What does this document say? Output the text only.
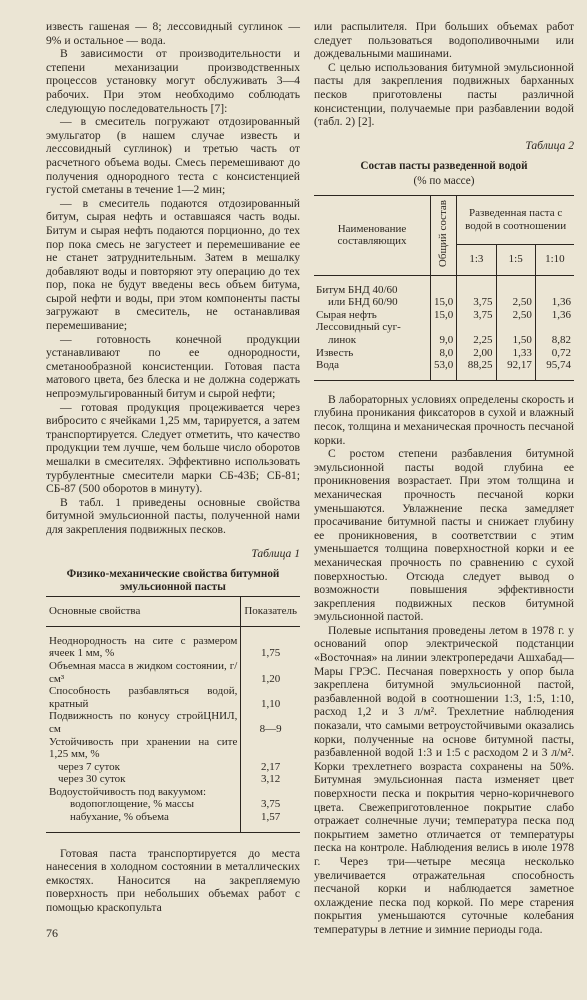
известь гашеная — 8; лессовидный суглинок — 9% и остальное — вода.

В зависимости от производительности и степени механизации производственных процессов установку могут обслуживать 3—4 рабочих. При этом необходимо соблюдать следующую последовательность [7]:

— в смеситель погружают отдозированный эмульгатор (в нашем случае известь и лессовидный суглинок) и третью часть от расчетного объема воды. Смесь перемешивают до получения однородного теста с консистенцией густой сметаны в течение 1—2 мин;

— в смеситель подаются отдозированный битум, сырая нефть и оставшаяся часть воды. Битум и сырая нефть подаются порционно, до тех пор пока смесь не загустеет и перемешивание ее не станет затруднительным. Затем в мешалку добавляют воды и повторяют эту операцию до тех пор, пока не будут введены весь объем битума, сырой нефти и воды, при этом компоненты пасты загружают в смеситель, не останавливая перемешивание;

— готовность конечной продукции устанавливают по ее однородности, сметанообразной консистенции. Готовая паста матового цвета, без блеска и не должна содержать непроэмульгированный битум и сырой нефти;

— готовая продукция процеживается через вибросито с ячейками 1,25 мм, тарируется, а затем транспортируется. Следует отметить, что качество продукции тем лучше, чем больше число оборотов мешалки в смесителях. Эффективно использовать турбулентные смесители марки СБ-43Б; СБ-81; СБ-87 (500 оборотов в минуту).

В табл. 1 приведены основные свойства битумной эмульсионной пасты, полученной нами для закрепления подвижных песков.

Таблица 1
Физико-механические свойства битумной эмульсионной пасты
Основные свойства	Показатель
Неоднородность на сите с размером ячеек 1 мм, %	1,75
Объемная масса в жидком состоянии, г/см³	1,20
Способность разбавляться водой, кратный	1,10
Подвижность по конусу стройЦНИЛ, см	8—9
Устойчивость при хранении на сите 1,25 мм, %	
через 7 суток	2,17
через 30 суток	3,12
Водоустойчивость под вакуумом:	
водопоглощение, % массы	3,75
набухание, % объема	1,57

Готовая паста транспортируется до места нанесения в холодном состоянии в металлических емкостях. Наносится на закрепляемую поверхность при небольших объемах работ с помощью краскопульта

или распылителя. При больших объемах работ следует пользоваться водополивочными или дождевальными машинами.

С целью использования битумной эмульсионной пасты для закрепления подвижных барханных песков приготовлены пасты различной консистенции, получаемые при разбавлении водой (табл. 2) [2].

Таблица 2
Состав пасты разведенной водой
(% по массе)
Наименование составляющих	Общий состав	Разведенная паста с водой в соотношении		
		1:3	1:5	1:10
Битум БНД 40/60
или БНД 60/90	15,0	3,75	2,50	1,36
Сырая нефть	15,0	3,75	2,50	1,36
Лессовидный суг-
линок	9,0	2,25	1,50	8,82
Известь	8,0	2,00	1,33	0,72
Вода	53,0	88,25	92,17	95,74

В лабораторных условиях определены скорость и глубина проникания фиксаторов в сухой и влажный песок, толщина и механическая прочность песчаной корки.

С ростом степени разбавления битумной эмульсионной пасты водой глубина ее проникновения возрастает. При этом толщина и механическая прочность песчаной корки уменьшаются. Увлажнение песка замедляет просачивание битумной пасты и снижает глубину ее проникновения, в соответствии с этим уменьшается толщина поверхностной корки и ее механическая прочность по сравнению с сухой поверхностью. Отсюда следует вывод о возможности повышения эффективности закрепления подвижных песков битумной эмульсионной пастой.

Полевые испытания проведены летом в 1978 г. у оснований опор электрической подстанции «Восточная» на линии электропередачи Ашхабад—Мары ГРЭС. Песчаная поверхность у опор была закреплена битумной эмульсионной пастой, разбавленной водой в соотношении 1:3, 1:5, 1:10, расход 1,2 и 3 л/м². Трехлетние наблюдения показали, что самыми ветроустойчивыми оказались корки, полученные на основе битумной пасты, разбавленной водой 1:3 и 1:5 с расходом 2 и 3 л/м². Корки трехлетнего возраста сохранены на 50%. Битумная эмульсионная паста изменяет цвет поверхности песка и покрытия черно-коричневого цвета. Свежеприготовленное покрытие слабо отражает солнечные лучи; температура песка под покрытием заметно отличается от температуры песка на контроле. Наблюдения велись в июле 1978 г. Через три—четыре месяца несколько увеличивается отражательная способность песчаной корки и наблюдается заметное охлаждение песка под коркой. По мере старения покрытия уменьшаются суточные колебания температуры в летние и зимние периоды года.

76
